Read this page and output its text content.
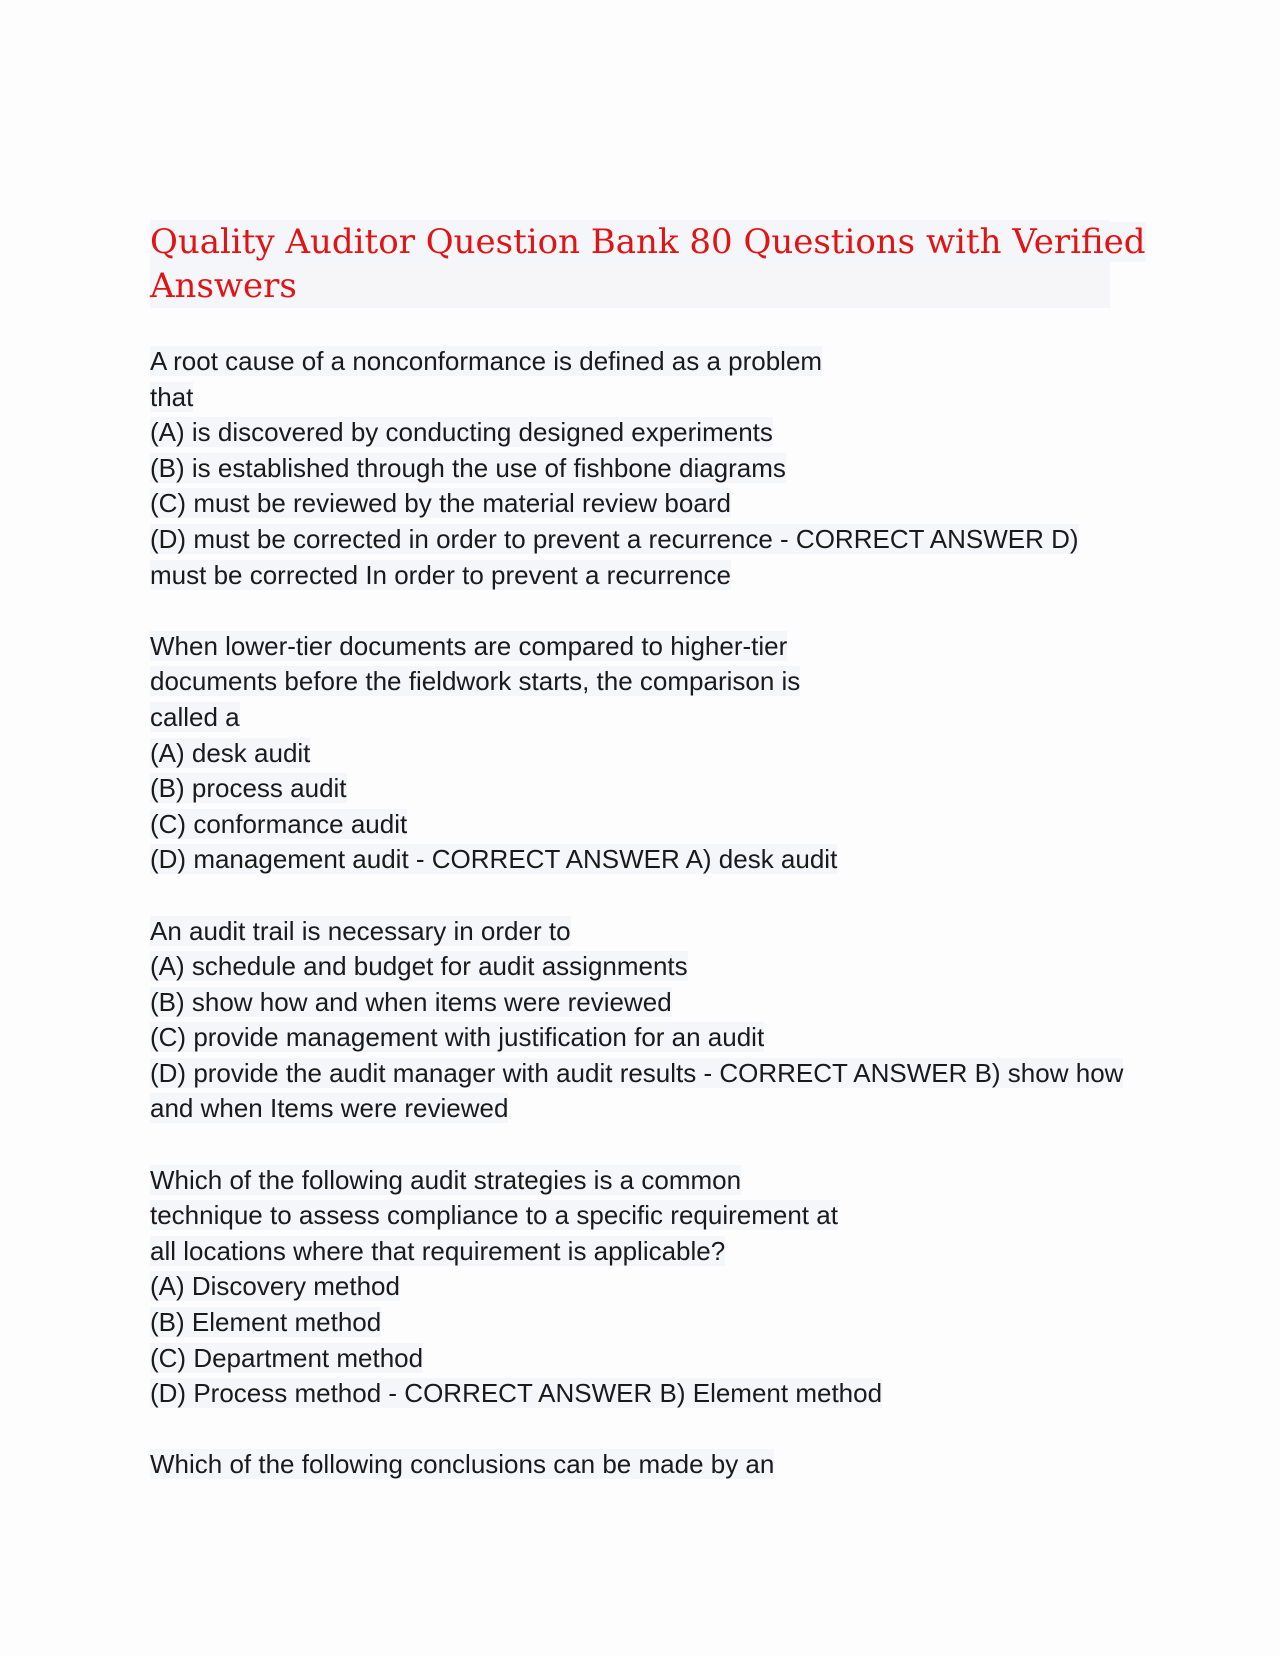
Quality Auditor Question Bank 80 Questions with Verified
Answers
A root cause of a nonconformance is defined as a problem
that
(A) is discovered by conducting designed experiments
(B) is established through the use of fishbone diagrams
(C) must be reviewed by the material review board
(D) must be corrected in order to prevent a recurrence - CORRECT ANSWER D)
must be corrected In order to prevent a recurrence
When lower-tier documents are compared to higher-tier
documents before the fieldwork starts, the comparison is
called a
(A) desk audit
(B) process audit
(C) conformance audit
(D) management audit - CORRECT ANSWER A) desk audit
An audit trail is necessary in order to
(A) schedule and budget for audit assignments
(B) show how and when items were reviewed
(C) provide management with justification for an audit
(D) provide the audit manager with audit results - CORRECT ANSWER B) show how
and when Items were reviewed
Which of the following audit strategies is a common
technique to assess compliance to a specific requirement at
all locations where that requirement is applicable?
(A) Discovery method
(B) Element method
(C) Department method
(D) Process method - CORRECT ANSWER B) Element method
Which of the following conclusions can be made by an
